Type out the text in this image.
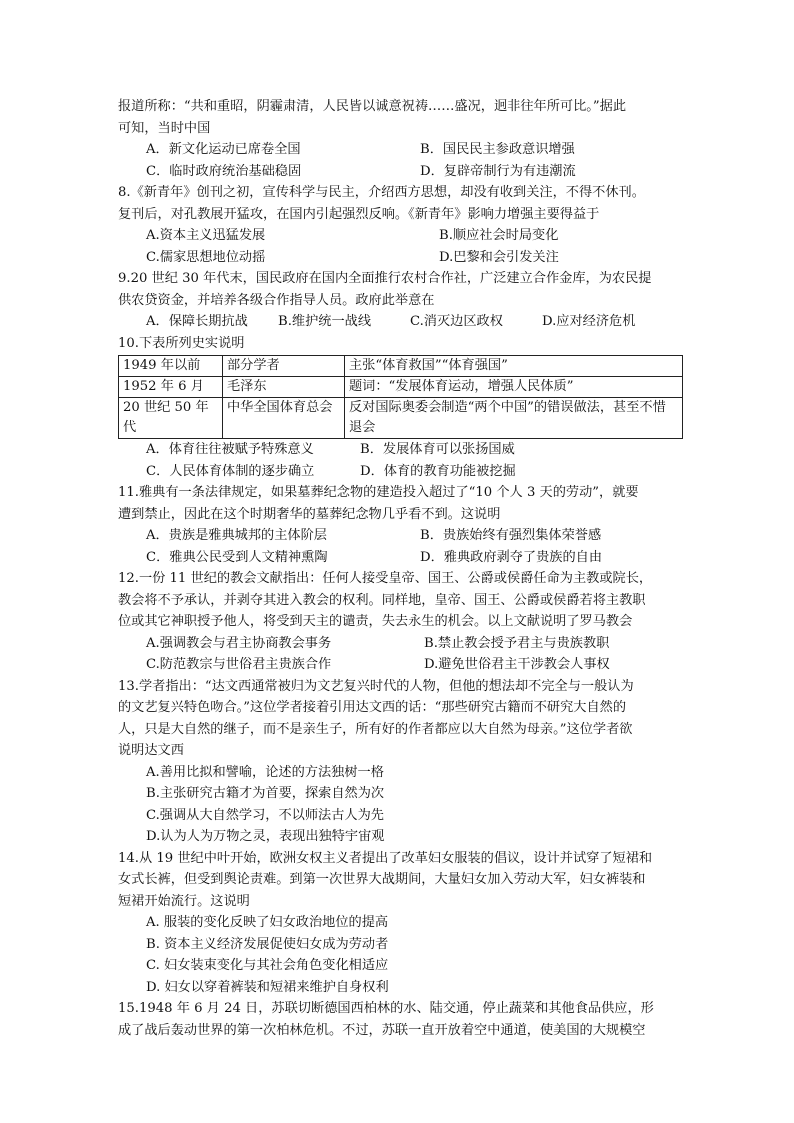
报道所称：“共和重昭，阴霾肃清，人民皆以诚意祝祷……盛况，迥非往年所可比。”据此

可知，当时中国

A．新文化运动已席卷全国	B．国民民主参政意识增强
C．临时政府统治基础稳固	D．复辟帝制行为有违潮流

8.《新青年》创刊之初，宣传科学与民主，介绍西方思想，却没有收到关注，不得不休刊。

复刊后，对孔教展开猛攻，在国内引起强烈反响。《新青年》影响力增强主要得益于

A.资本主义迅猛发展	B.顺应社会时局变化
C.儒家思想地位动摇	D.巴黎和会引发关注

9.20 世纪 30 年代末，国民政府在国内全面推行农村合作社，广泛建立合作金库，为农民提

供农贷资金，并培养各级合作指导人员。政府此举意在

A．保障长期抗战	B.维护统一战线	C.消灭边区政权	D.应对经济危机

10.下表所列史实说明

1949 年以前	部分学者	主张“体育救国”“体育强国”
1952 年 6 月	毛泽东	题词：“发展体育运动，增强人民体质”
20 世纪 50 年代	中华全国体育总会	反对国际奥委会制造“两个中国”的错误做法，甚至不惜退会
A．体育往往被赋予特殊意义	B．发展体育可以张扬国威
C．人民体育体制的逐步确立	D．体育的教育功能被挖掘

11.雅典有一条法律规定，如果墓葬纪念物的建造投入超过了“10 个人 3 天的劳动”，就要

遭到禁止，因此在这个时期奢华的墓葬纪念物几乎看不到。这说明

A．贵族是雅典城邦的主体阶层	B．贵族始终有强烈集体荣誉感
C．雅典公民受到人文精神熏陶	D．雅典政府剥夺了贵族的自由

12.一份 11 世纪的教会文献指出：任何人接受皇帝、国王、公爵或侯爵任命为主教或院长，

教会将不予承认，并剥夺其进入教会的权利。同样地，皇帝、国王、公爵或侯爵若将主教职

位或其它神职授予他人，将受到天主的谴责，失去永生的机会。以上文献说明了罗马教会

A.强调教会与君主协商教会事务	B.禁止教会授予君主与贵族教职
C.防范教宗与世俗君主贵族合作	D.避免世俗君主干涉教会人事权

13.学者指出：“达文西通常被归为文艺复兴时代的人物，但他的想法却不完全与一般认为

的文艺复兴特色吻合。”这位学者接着引用达文西的话：“那些研究古籍而不研究大自然的

人，只是大自然的继子，而不是亲生子，所有好的作者都应以大自然为母亲。”这位学者欲

说明达文西

A.善用比拟和譬喻，论述的方法独树一格
B.主张研究古籍才为首要，探索自然为次
C.强调从大自然学习，不以师法古人为先
D.认为人为万物之灵，表现出独特宇宙观

14.从 19 世纪中叶开始，欧洲女权主义者提出了改革妇女服装的倡议，设计并试穿了短裙和

女式长裤，但受到舆论责难。到第一次世界大战期间，大量妇女加入劳动大军，妇女裤装和

短裙开始流行。这说明

A. 服装的变化反映了妇女政治地位的提高
B. 资本主义经济发展促使妇女成为劳动者
C. 妇女装束变化与其社会角色变化相适应
D. 妇女以穿着裤装和短裙来维护自身权利

15.1948 年 6 月 24 日，苏联切断德国西柏林的水、陆交通，停止蔬菜和其他食品供应，形

成了战后轰动世界的第一次柏林危机。不过，苏联一直开放着空中通道，使美国的大规模空
